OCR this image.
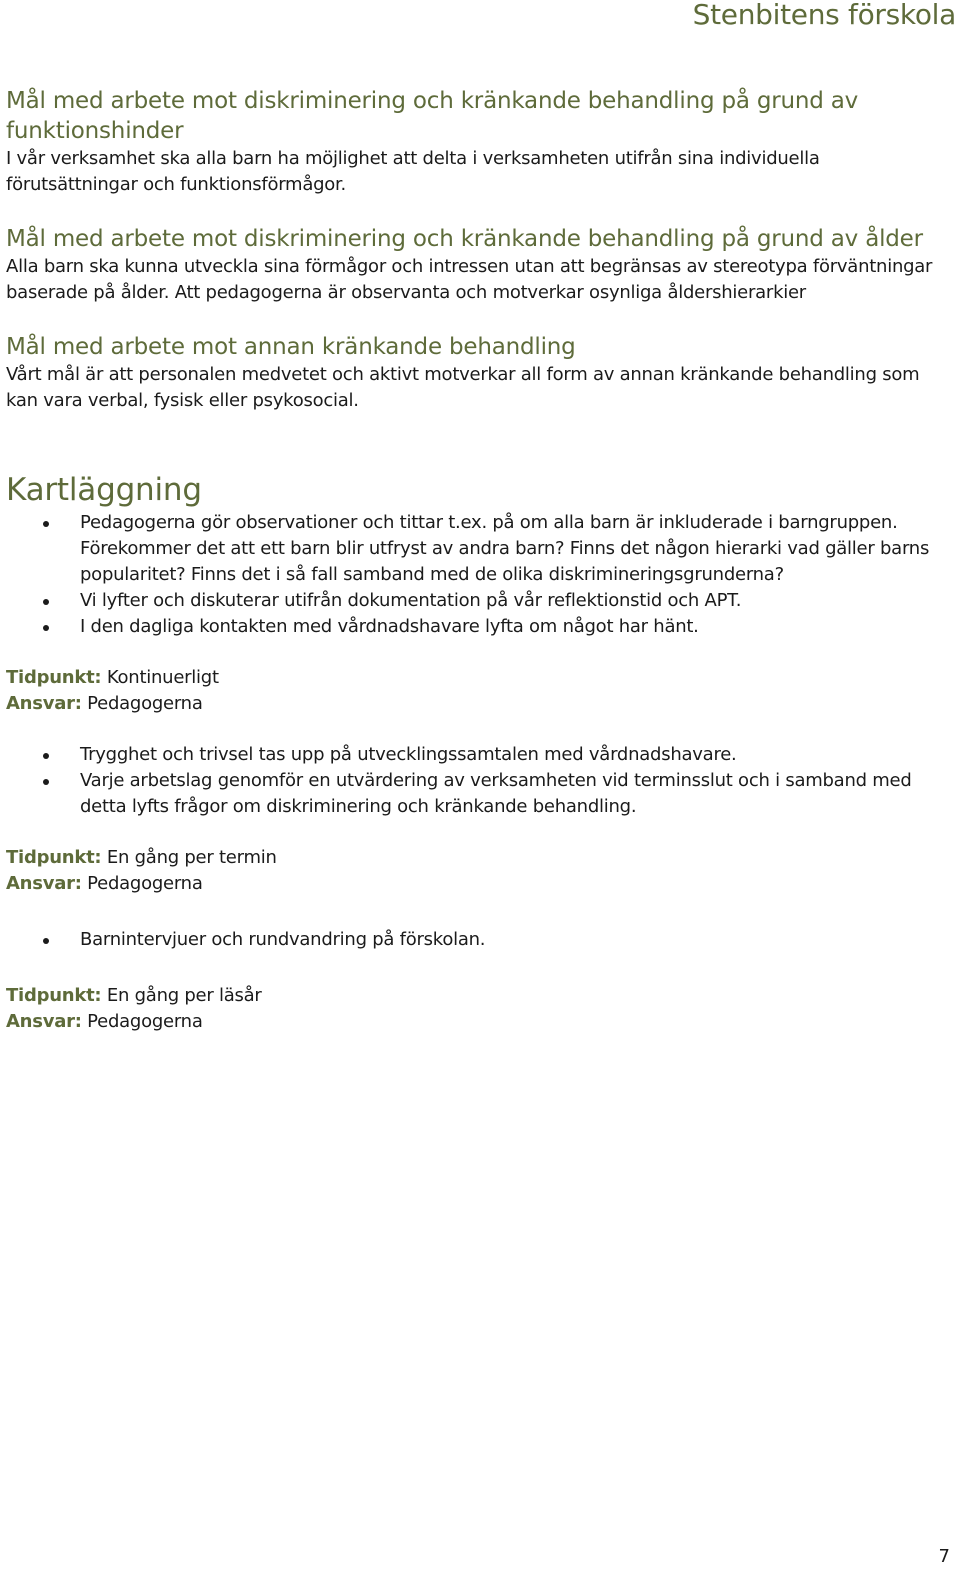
Stenbitens förskola
Mål med arbete mot diskriminering och kränkande behandling på grund av funktionshinder

I vår verksamhet ska alla barn ha möjlighet att delta i verksamheten utifrån sina individuella förutsättningar och funktionsförmågor.

Mål med arbete mot diskriminering och kränkande behandling på grund av ålder

Alla barn ska kunna utveckla sina förmågor och intressen utan att begränsas av stereotypa förväntningar baserade på ålder. Att pedagogerna är observanta och motverkar osynliga åldershierarkier

Mål med arbete mot annan kränkande behandling

Vårt mål är att personalen medvetet och aktivt motverkar all form av annan kränkande behandling som kan vara verbal, fysisk eller psykosocial.

Kartläggning
Pedagogerna gör observationer och tittar t.ex. på om alla barn är inkluderade i barngruppen. Förekommer det att ett barn blir utfryst av andra barn? Finns det någon hierarki vad gäller barns popularitet? Finns det i så fall samband med de olika diskrimineringsgrunderna?
Vi lyfter och diskuterar utifrån dokumentation på vår reflektionstid och APT.
I den dagliga kontakten med vårdnadshavare lyfta om något har hänt.
Tidpunkt: Kontinuerligt
Ansvar: Pedagogerna
Trygghet och trivsel tas upp på utvecklingssamtalen med vårdnadshavare.
Varje arbetslag genomför en utvärdering av verksamheten vid terminsslut och i samband med detta lyfts frågor om diskriminering och kränkande behandling.
Tidpunkt: En gång per termin
Ansvar: Pedagogerna
Barnintervjuer och rundvandring på förskolan.
Tidpunkt: En gång per läsår
Ansvar: Pedagogerna
7
